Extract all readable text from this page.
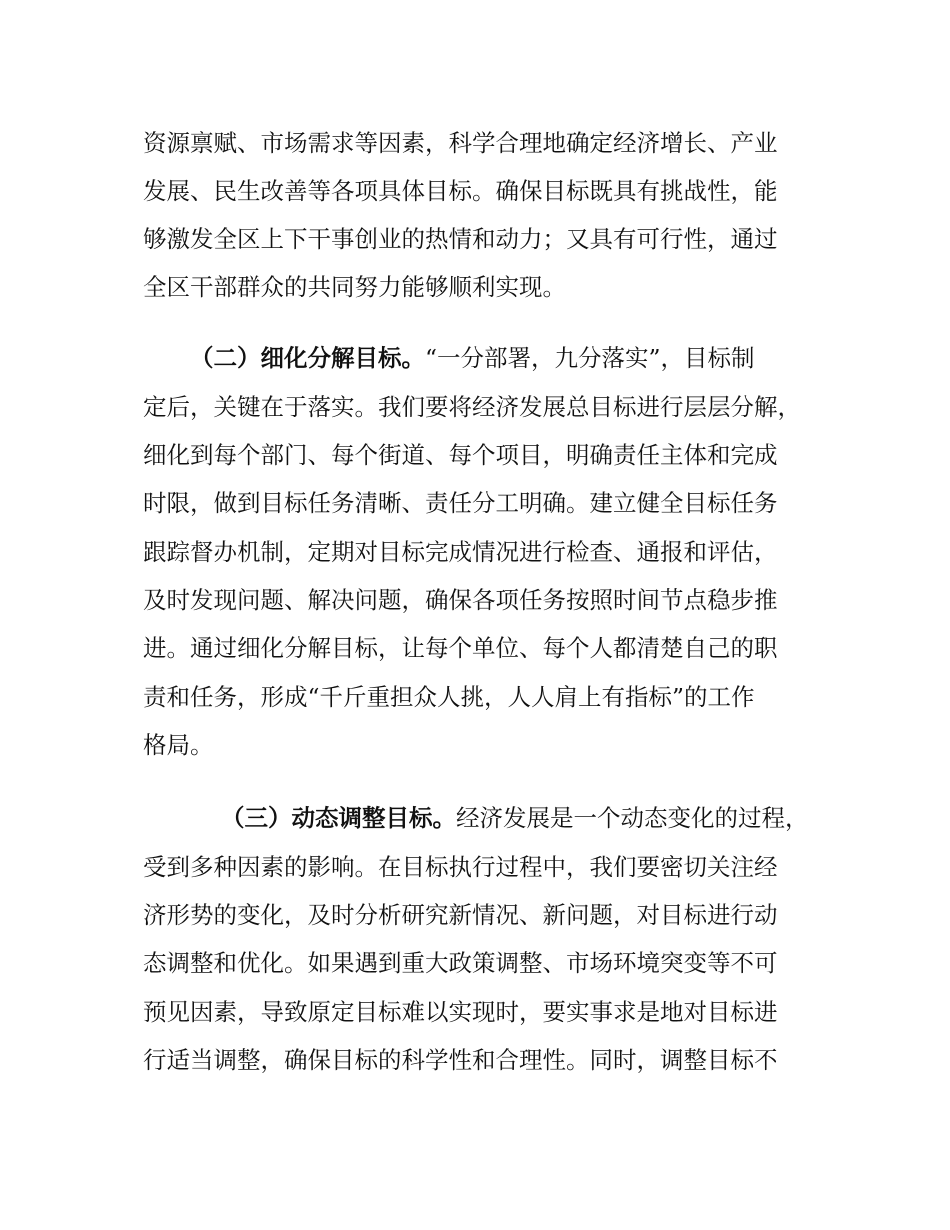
资源禀赋、市场需求等因素，科学合理地确定经济增长、产业
发展、民生改善等各项具体目标。确保目标既具有挑战性，能
够激发全区上下干事创业的热情和动力；又具有可行性，通过
全区干部群众的共同努力能够顺利实现。
（二）细化分解目标。“一分部署，九分落实”，目标制
定后，关键在于落实。我们要将经济发展总目标进行层层分解，
细化到每个部门、每个街道、每个项目，明确责任主体和完成
时限，做到目标任务清晰、责任分工明确。建立健全目标任务
跟踪督办机制，定期对目标完成情况进行检查、通报和评估，
及时发现问题、解决问题，确保各项任务按照时间节点稳步推
进。通过细化分解目标，让每个单位、每个人都清楚自己的职
责和任务，形成“千斤重担众人挑，人人肩上有指标”的工作
格局。
（三）动态调整目标。经济发展是一个动态变化的过程，
受到多种因素的影响。在目标执行过程中，我们要密切关注经
济形势的变化，及时分析研究新情况、新问题，对目标进行动
态调整和优化。如果遇到重大政策调整、市场环境突变等不可
预见因素，导致原定目标难以实现时，要实事求是地对目标进
行适当调整，确保目标的科学性和合理性。同时，调整目标不
